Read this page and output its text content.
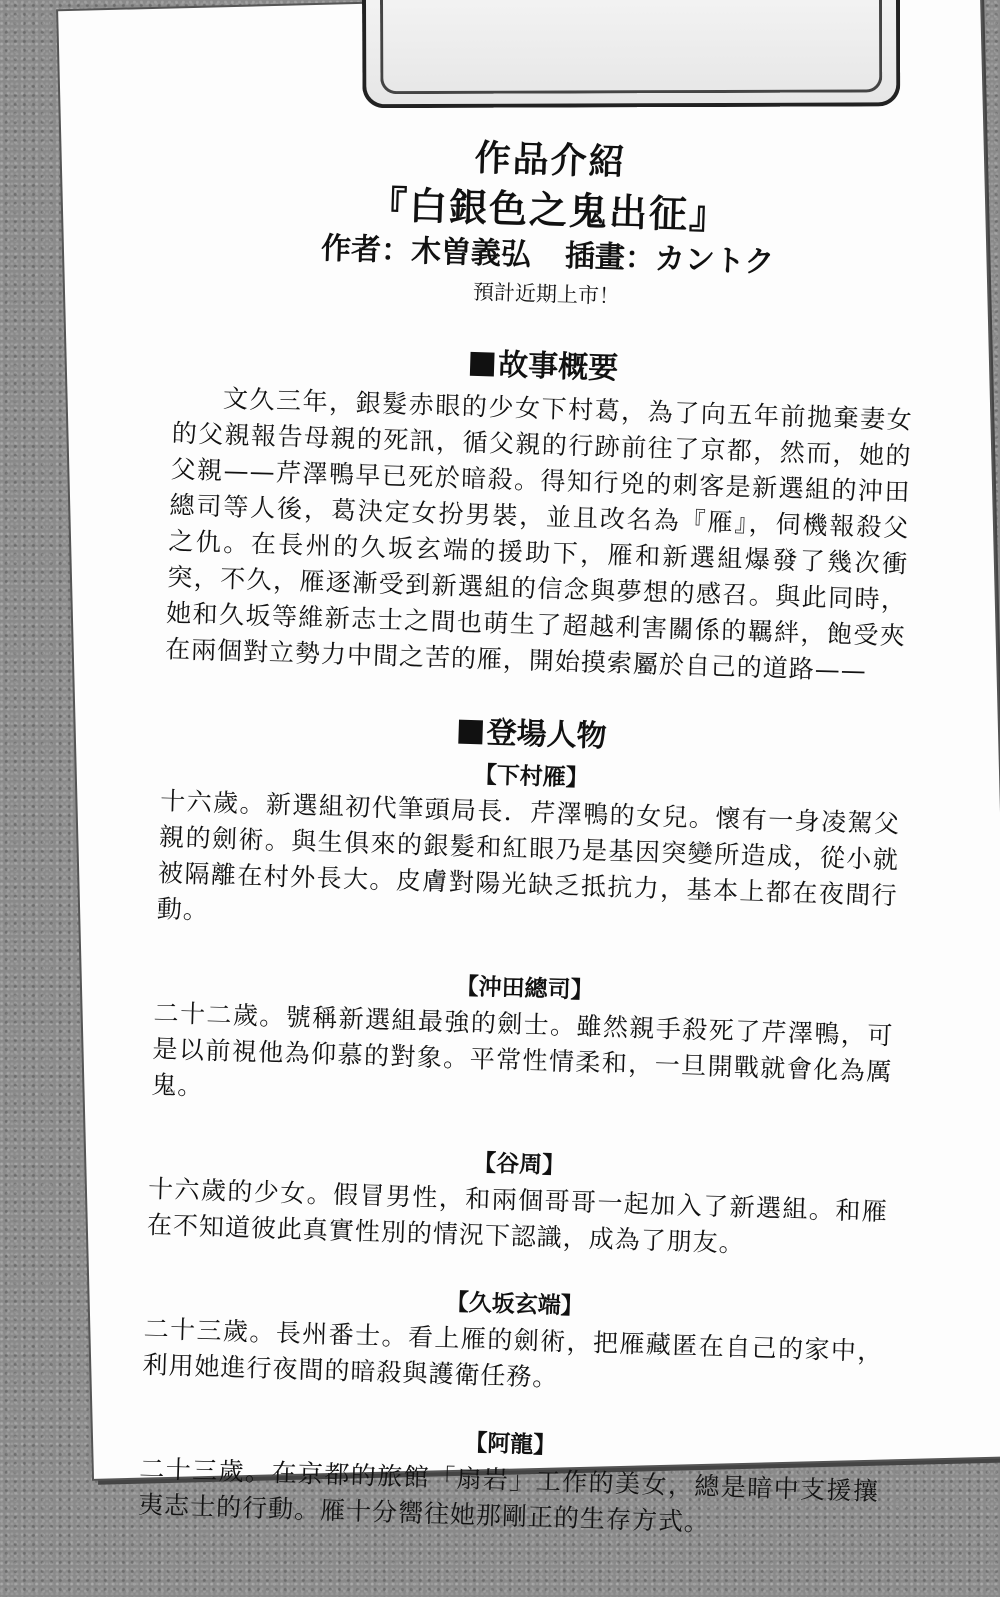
作品介紹

『白銀色之鬼出征』

作者：木曽義弘 插畫：カントク
預計近期上市！
故事概要

文久三年，銀髮赤眼的少女下村葛，為了向五年前拋棄妻女的父親報告母親的死訊，循父親的行跡前往了京都，然而，她的父親——芹澤鴨早已死於暗殺。得知行兇的刺客是新選組的沖田總司等人後，葛決定女扮男裝，並且改名為『雁』，伺機報殺父之仇。在長州的久坂玄端的援助下，雁和新選組爆發了幾次衝突，不久，雁逐漸受到新選組的信念與夢想的感召。與此同時，她和久坂等維新志士之間也萌生了超越利害關係的羈絆，飽受夾在兩個對立勢力中間之苦的雁，開始摸索屬於自己的道路——

登場人物
【下村雁】

十六歲。新選組初代筆頭局長．芹澤鴨的女兒。懷有一身凌駕父親的劍術。與生俱來的銀髮和紅眼乃是基因突變所造成，從小就被隔離在村外長大。皮膚對陽光缺乏抵抗力，基本上都在夜間行動。

【沖田總司】

二十二歲。號稱新選組最強的劍士。雖然親手殺死了芹澤鴨，可是以前視他為仰慕的對象。平常性情柔和，一旦開戰就會化為厲鬼。

【谷周】

十六歲的少女。假冒男性，和兩個哥哥一起加入了新選組。和雁在不知道彼此真實性別的情況下認識，成為了朋友。

【久坂玄端】

二十三歲。長州番士。看上雁的劍術，把雁藏匿在自己的家中，利用她進行夜間的暗殺與護衛任務。

【阿龍】

二十三歲。在京都的旅館「扇岩」工作的美女，總是暗中支援攘夷志士的行動。雁十分嚮往她那剛正的生存方式。
